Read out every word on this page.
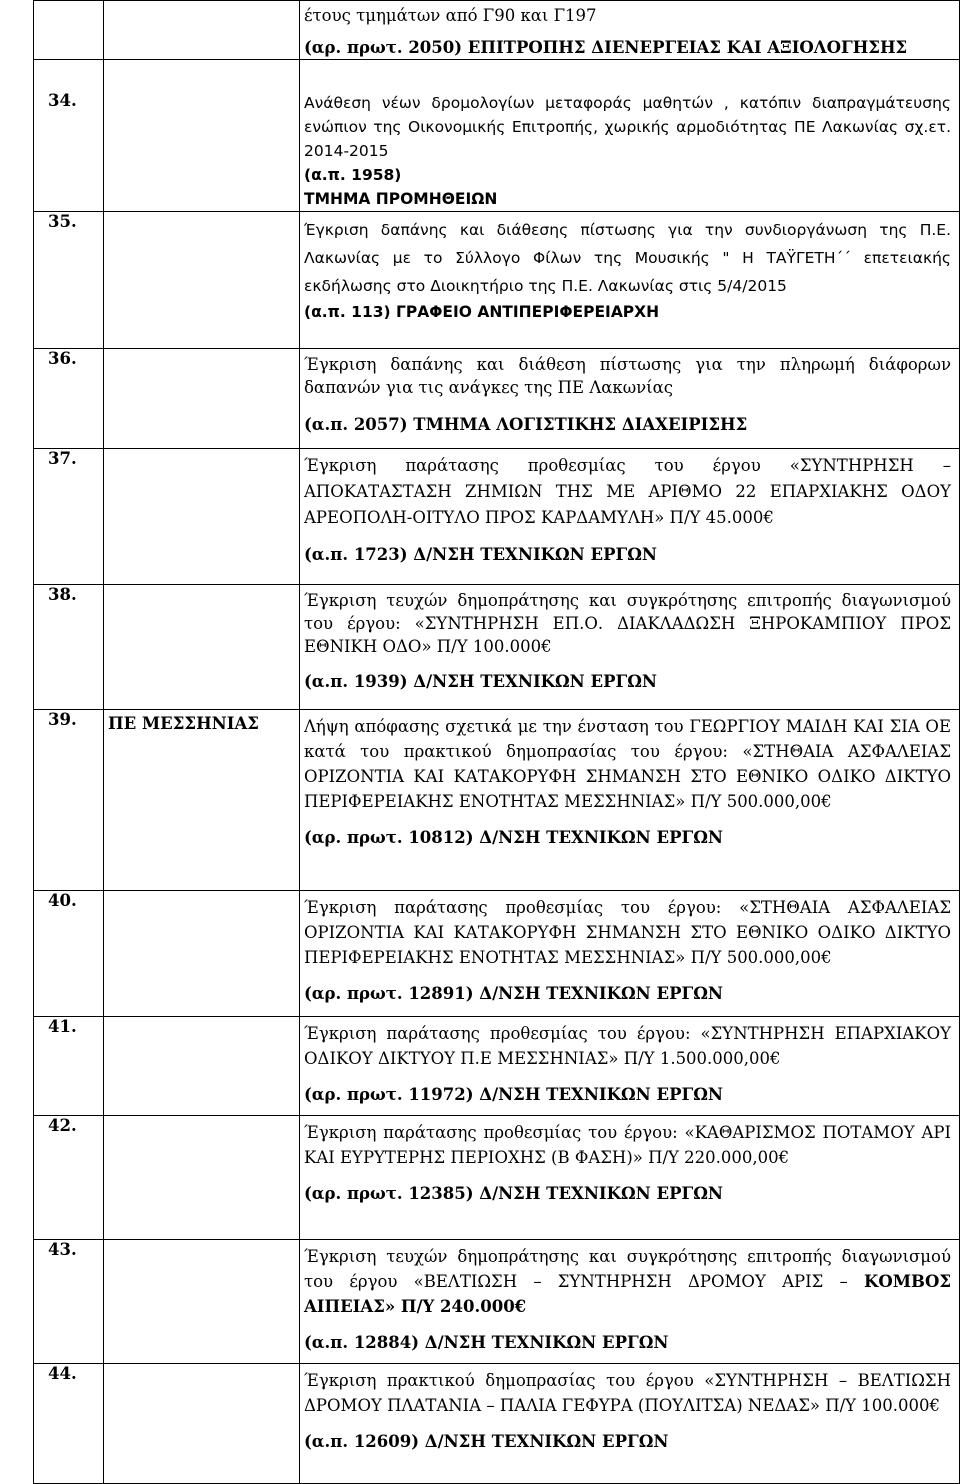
		έτους τμημάτων από Γ90 και Γ197
(αρ. πρωτ. 2050) ΕΠΙΤΡΟΠΗΣ ΔΙΕΝΕΡΓΕΙΑΣ ΚΑΙ ΑΞΙΟΛΟΓΗΣΗΣ

34.		Ανάθεση νέων δρομολογίων μεταφοράς μαθητών , κατόπιν διαπραγμάτευσης ενώπιον της Οικονομικής Επιτροπής, χωρικής αρμοδιότητας ΠΕ Λακωνίας σχ.ετ. 2014-2015
(α.π. 1958)
ΤΜΗΜΑ ΠΡΟΜΗΘΕΙΩΝ

35.		Έγκριση δαπάνης και διάθεσης πίστωσης για την συνδιοργάνωση της Π.Ε. Λακωνίας με το Σύλλογο Φίλων της Μουσικής " Η ΤΑΫΓΕΤΗ΄΄ επετειακής εκδήλωσης στο Διοικητήριο της Π.Ε. Λακωνίας στις 5/4/2015
(α.π. 113) ΓΡΑΦΕΙΟ ΑΝΤΙΠΕΡΙΦΕΡΕΙΑΡΧΗ

36.		Έγκριση δαπάνης και διάθεση πίστωσης για την πληρωμή διάφορων δαπανών για τις ανάγκες της ΠΕ Λακωνίας
(α.π. 2057) ΤΜΗΜΑ ΛΟΓΙΣΤΙΚΗΣ ΔΙΑΧΕΙΡΙΣΗΣ

37.		Έγκριση παράτασης προθεσμίας του έργου «ΣΥΝΤΗΡΗΣΗ – ΑΠΟΚΑΤΑΣΤΑΣΗ ΖΗΜΙΩΝ ΤΗΣ ΜΕ ΑΡΙΘΜΟ 22 ΕΠΑΡΧΙΑΚΗΣ ΟΔΟΥ ΑΡΕΟΠΟΛΗ-ΟΙΤΥΛΟ ΠΡΟΣ ΚΑΡΔΑΜΥΛΗ» Π/Υ 45.000€
(α.π. 1723) Δ/ΝΣΗ ΤΕΧΝΙΚΩΝ ΕΡΓΩΝ

38.		Έγκριση τευχών δημοπράτησης και συγκρότησης επιτροπής διαγωνισμού του έργου: «ΣΥΝΤΗΡΗΣΗ ΕΠ.Ο. ΔΙΑΚΛΑΔΩΣΗ ΞΗΡΟΚΑΜΠΙΟΥ ΠΡΟΣ ΕΘΝΙΚΗ ΟΔΟ» Π/Υ 100.000€
(α.π. 1939) Δ/ΝΣΗ ΤΕΧΝΙΚΩΝ ΕΡΓΩΝ

39.	ΠΕ ΜΕΣΣΗΝΙΑΣ	Λήψη απόφασης σχετικά με την ένσταση του ΓΕΩΡΓΙΟΥ ΜΑΙΔΗ ΚΑΙ ΣΙΑ ΟΕ κατά του πρακτικού δημοπρασίας του έργου: «ΣΤΗΘΑΙΑ ΑΣΦΑΛΕΙΑΣ ΟΡΙΖΟΝΤΙΑ ΚΑΙ ΚΑΤΑΚΟΡΥΦΗ ΣΗΜΑΝΣΗ ΣΤΟ ΕΘΝΙΚΟ ΟΔΙΚΟ ΔΙΚΤΥΟ ΠΕΡΙΦΕΡΕΙΑΚΗΣ ΕΝΟΤΗΤΑΣ ΜΕΣΣΗΝΙΑΣ» Π/Υ 500.000,00€
(αρ. πρωτ. 10812) Δ/ΝΣΗ ΤΕΧΝΙΚΩΝ ΕΡΓΩΝ

40.		Έγκριση παράτασης προθεσμίας του έργου: «ΣΤΗΘΑΙΑ ΑΣΦΑΛΕΙΑΣ ΟΡΙΖΟΝΤΙΑ ΚΑΙ ΚΑΤΑΚΟΡΥΦΗ ΣΗΜΑΝΣΗ ΣΤΟ ΕΘΝΙΚΟ ΟΔΙΚΟ ΔΙΚΤΥΟ ΠΕΡΙΦΕΡΕΙΑΚΗΣ ΕΝΟΤΗΤΑΣ ΜΕΣΣΗΝΙΑΣ» Π/Υ 500.000,00€
(αρ. πρωτ. 12891) Δ/ΝΣΗ ΤΕΧΝΙΚΩΝ ΕΡΓΩΝ

41.		Έγκριση παράτασης προθεσμίας του έργου: «ΣΥΝΤΗΡΗΣΗ ΕΠΑΡΧΙΑΚΟΥ ΟΔΙΚΟΥ ΔΙΚΤΥΟΥ Π.Ε ΜΕΣΣΗΝΙΑΣ» Π/Υ 1.500.000,00€
(αρ. πρωτ. 11972) Δ/ΝΣΗ ΤΕΧΝΙΚΩΝ ΕΡΓΩΝ

42.		Έγκριση παράτασης προθεσμίας του έργου: «ΚΑΘΑΡΙΣΜΟΣ ΠΟΤΑΜΟΥ ΑΡΙ ΚΑΙ ΕΥΡΥΤΕΡΗΣ ΠΕΡΙΟΧΗΣ (Β ΦΑΣΗ)» Π/Υ 220.000,00€
(αρ. πρωτ. 12385) Δ/ΝΣΗ ΤΕΧΝΙΚΩΝ ΕΡΓΩΝ

43.		Έγκριση τευχών δημοπράτησης και συγκρότησης επιτροπής διαγωνισμού του έργου «ΒΕΛΤΙΩΣΗ – ΣΥΝΤΗΡΗΣΗ ΔΡΟΜΟΥ ΑΡΙΣ – ΚΟΜΒΟΣ ΑΙΠΕΙΑΣ» Π/Υ 240.000€
(α.π. 12884) Δ/ΝΣΗ ΤΕΧΝΙΚΩΝ ΕΡΓΩΝ

44.		Έγκριση πρακτικού δημοπρασίας του έργου «ΣΥΝΤΗΡΗΣΗ – ΒΕΛΤΙΩΣΗ ΔΡΟΜΟΥ ΠΛΑΤΑΝΙΑ – ΠΑΛΙΑ ΓΕΦΥΡΑ (ΠΟΥΛΙΤΣΑ) ΝΕΔΑΣ» Π/Υ 100.000€
(α.π. 12609) Δ/ΝΣΗ ΤΕΧΝΙΚΩΝ ΕΡΓΩΝ
